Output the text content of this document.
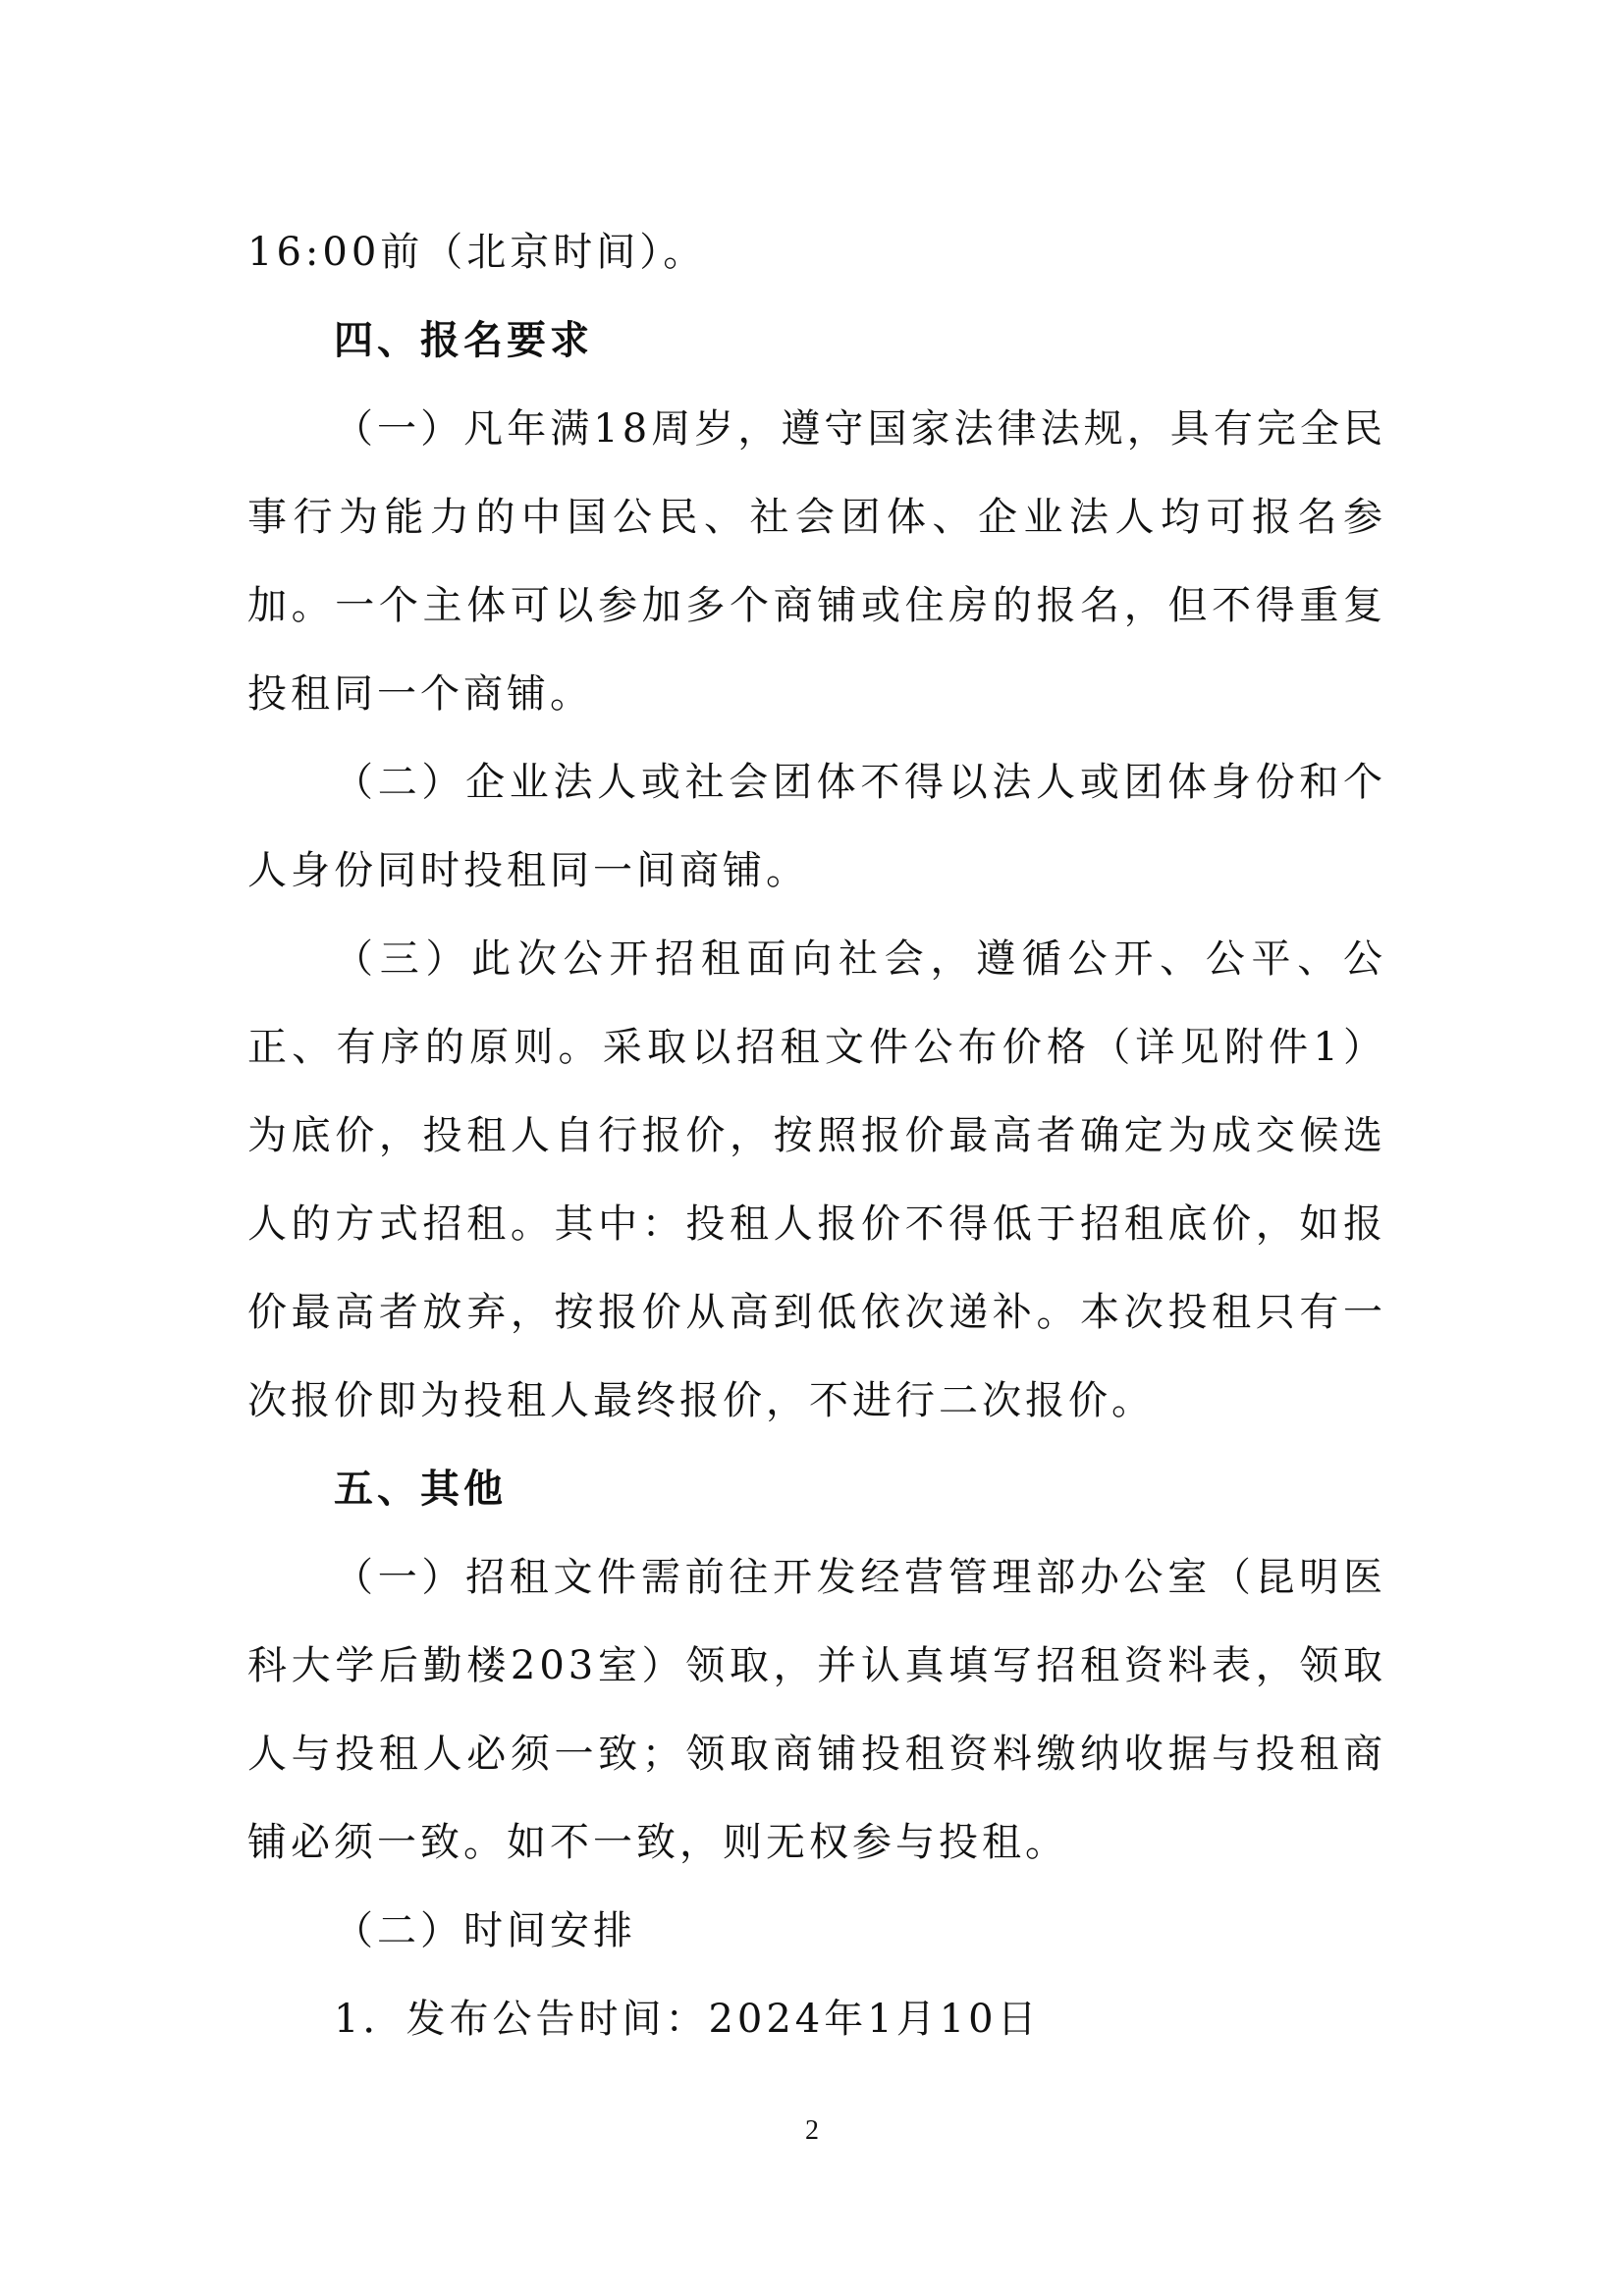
16:00前（北京时间）。

四、报名要求

（一）凡年满18周岁，遵守国家法律法规，具有完全民事行为能力的中国公民、社会团体、企业法人均可报名参加。一个主体可以参加多个商铺或住房的报名，但不得重复投租同一个商铺。

（二）企业法人或社会团体不得以法人或团体身份和个人身份同时投租同一间商铺。

（三）此次公开招租面向社会，遵循公开、公平、公正、有序的原则。采取以招租文件公布价格（详见附件1）为底价，投租人自行报价，按照报价最高者确定为成交候选人的方式招租。其中：投租人报价不得低于招租底价，如报价最高者放弃，按报价从高到低依次递补。本次投租只有一次报价即为投租人最终报价，不进行二次报价。

五、其他

（一）招租文件需前往开发经营管理部办公室（昆明医科大学后勤楼203室）领取，并认真填写招租资料表，领取人与投租人必须一致；领取商铺投租资料缴纳收据与投租商铺必须一致。如不一致，则无权参与投租。

（二）时间安排

1．发布公告时间：2024年1月10日

2
